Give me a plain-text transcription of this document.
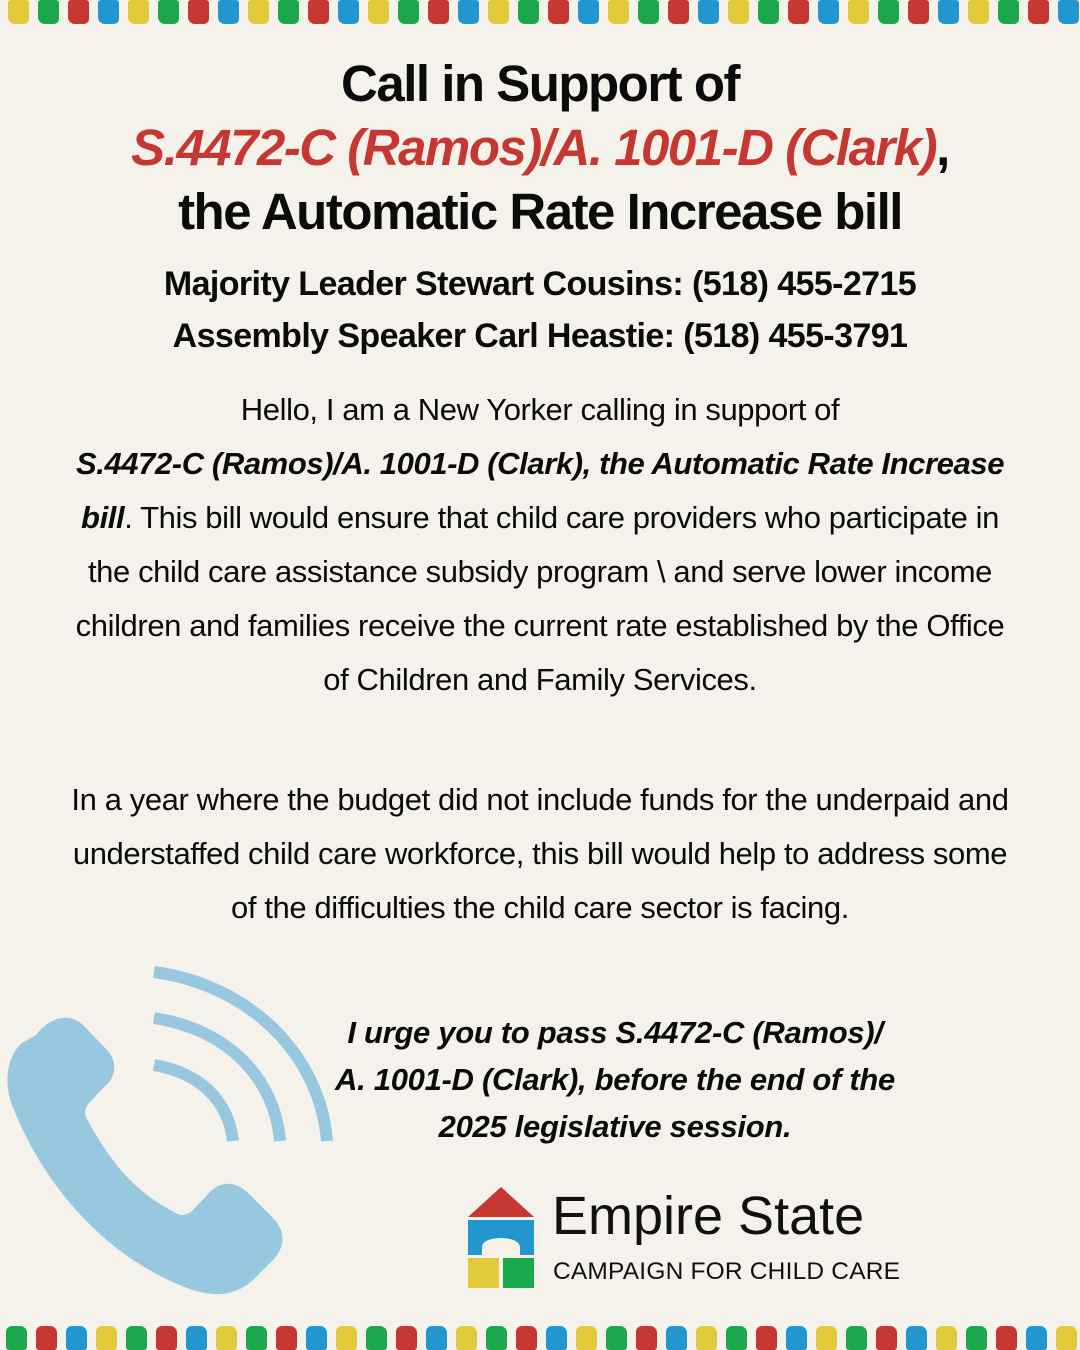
Call in Support of
S.4472-C (Ramos)/A. 1001-D (Clark),
the Automatic Rate Increase bill
Majority Leader Stewart Cousins: (518) 455-2715
Assembly Speaker Carl Heastie: (518) 455-3791
Hello, I am a New Yorker calling in support of
S.4472-C (Ramos)/A. 1001-D (Clark), the Automatic Rate Increase bill. This bill would ensure that child care providers who participate in the child care assistance subsidy program \ and serve lower income children and families receive the current rate established by the Office of Children and Family Services.
In a year where the budget did not include funds for the underpaid and understaffed child care workforce, this bill would help to address some of the difficulties the child care sector is facing.
I urge you to pass S.4472-C (Ramos)/
A. 1001-D (Clark), before the end of the
2025 legislative session.
Empire State
CAMPAIGN FOR CHILD CARE
